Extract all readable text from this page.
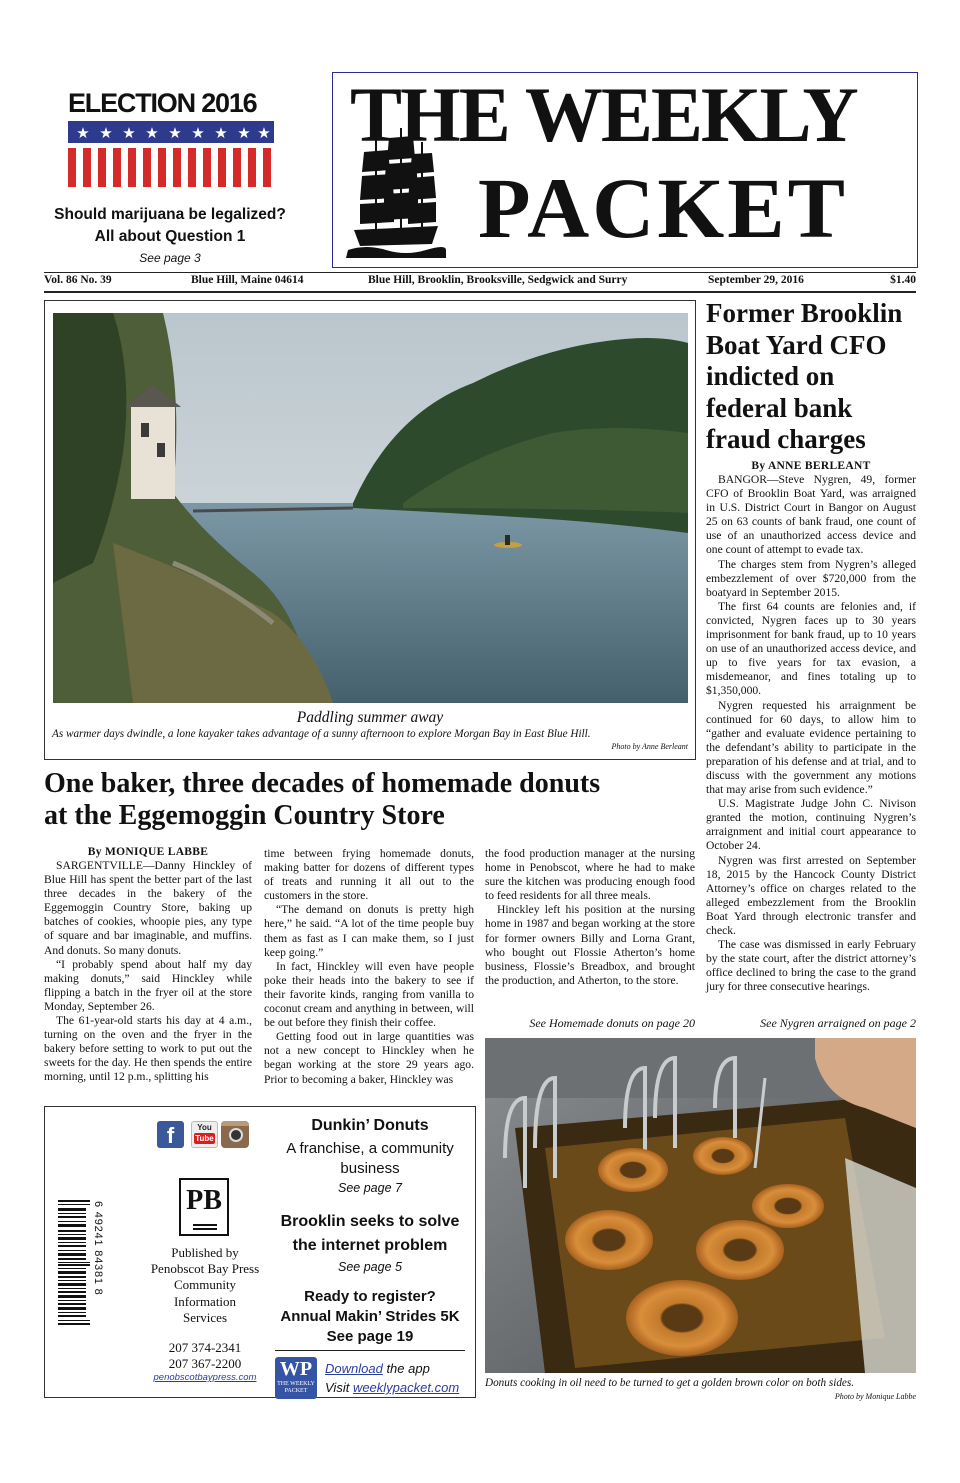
ELECTION 2016
★ ★ ★ ★ ★ ★ ★ ★ ★
Should marijuana be legalized?
All about Question 1
See page 3
THE WEEKLY
PACKET
Vol. 86 No. 39	Blue Hill, Maine 04614	Blue Hill, Brooklin, Brooksville, Sedgwick and Surry	September 29, 2016	$1.40
Paddling summer away
As warmer days dwindle, a lone kayaker takes advantage of a sunny afternoon to explore Morgan Bay in East Blue Hill.
Photo by Anne Berleant
One baker, three decades of homemade donuts
at the Eggemoggin Country Store
By MONIQUE LABBE

SARGENTVILLE—Danny Hinckley of Blue Hill has spent the better part of the last three decades in the bakery of the Eggemoggin Country Store, baking up batches of cookies, whoopie pies, any type of square and bar imaginable, and muffins. And donuts. So many donuts.

“I probably spend about half my day making donuts,” said Hinckley while flipping a batch in the fryer oil at the store Monday, September 26.

The 61-year-old starts his day at 4 a.m., turning on the oven and the fryer in the bakery before setting to work to put out the sweets for the day. He then spends the entire morning, until 12 p.m., splitting his

time between frying homemade donuts, making batter for dozens of different types of treats and running it all out to the customers in the store.

“The demand on donuts is pretty high here,” he said. “A lot of the time people buy them as fast as I can make them, so I just keep going.”

In fact, Hinckley will even have people poke their heads into the bakery to see if their favorite kinds, ranging from vanilla to coconut cream and anything in between, will be out before they finish their coffee.

Getting food out in large quantities was not a new concept to Hinckley when he began working at the store 29 years ago. Prior to becoming a baker, Hinckley was

the food production manager at the nursing home in Penobscot, where he had to make sure the kitchen was producing enough food to feed residents for all three meals.

Hinckley left his position at the nursing home in 1987 and began working at the store for former owners Billy and Lorna Grant, who bought out Flossie Atherton’s home business, Flossie’s Breadbox, and brought the production, and Atherton, to the store.

See Homemade donuts on page 20
Former Brooklin
Boat Yard CFO
indicted on
federal bank
fraud charges
By ANNE BERLEANT

BANGOR—Steve Nygren, 49, former CFO of Brooklin Boat Yard, was arraigned in U.S. District Court in Bangor on August 25 on 63 counts of bank fraud, one count of use of an unauthorized access device and one count of attempt to evade tax.

The charges stem from Nygren’s alleged embezzlement of over $720,000 from the boatyard in September 2015.

The first 64 counts are felonies and, if convicted, Nygren faces up to 30 years imprisonment for bank fraud, up to 10 years on use of an unauthorized access device, and up to five years for tax evasion, a misdemeanor, and fines totaling up to $1,350,000.

Nygren requested his arraignment be continued for 60 days, to allow him to “gather and evaluate evidence pertaining to the defendant’s ability to participate in the preparation of his defense and at trial, and to discuss with the government any motions that may arise from such evidence.”

U.S. Magistrate Judge John C. Nivison granted the motion, continuing Nygren’s arraignment and initial court appearance to October 24.

Nygren was first arrested on September 18, 2015 by the Hancock County District Attorney’s office on charges related to the alleged embezzlement from the Brooklin Boat Yard through electronic transfer and check.

The case was dismissed in early February by the state court, after the district attorney’s office declined to bring the case to the grand jury for three consecutive hearings.

See Nygren arraigned on page 2
f	You
Tube
6 49241 84381 8
PB
Published by
Penobscot Bay Press
Community
Information
Services
207 374-2341
207 367-2200
penobscotbaypress.com
Dunkin’ Donuts
A franchise, a community business
See page 7
Brooklin seeks to solve the internet problem
See page 5
Ready to register?
Annual Makin’ Strides 5K
See page 19
WP
THE WEEKLY PACKET
Download the app
Visit weeklypacket.com	Donuts cooking in oil need to be turned to get a golden brown color on both sides.
Photo by Monique Labbe
